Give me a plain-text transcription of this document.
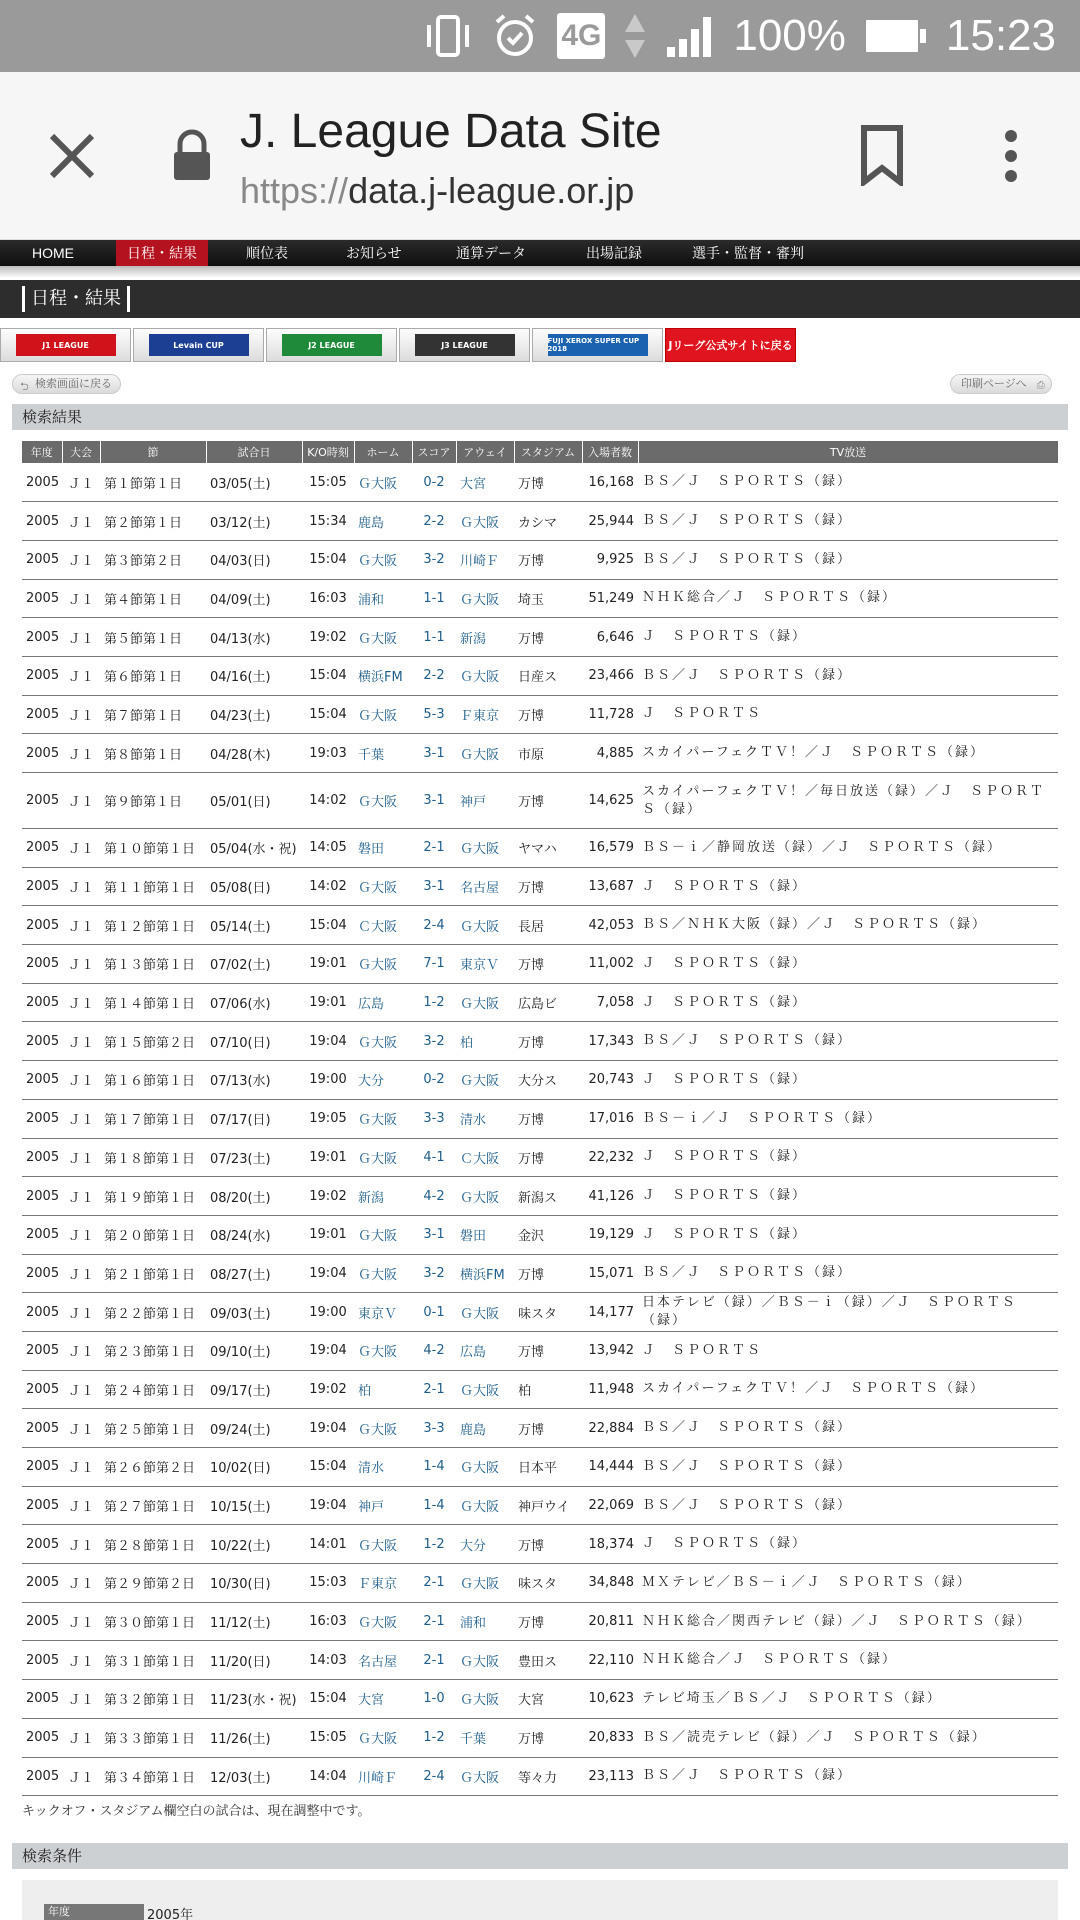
4G	100% 15:23
J. League Data Site
https://data.j-league.or.jp
HOME	日程・結果	順位表	お知らせ	通算データ	出場記録	選手・監督・審判
日程・結果
J1 LEAGUE	Levain CUP	J2 LEAGUE	J3 LEAGUE	FUJI XEROX SUPER CUP 2018	Jリーグ公式サイトに戻る
⮌ 検索画面に戻る	印刷ページへ ⎙
検索結果
年度	大会	節	試合日	K/O時刻	ホーム	スコア	アウェイ	スタジアム	入場者数	TV放送
2005	Ｊ１	第１節第１日	03/05(土)	15:05	Ｇ大阪	0-2	大宮	万博	16,168	ＢＳ／Ｊ　ＳＰＯＲＴＳ（録）
2005	Ｊ１	第２節第１日	03/12(土)	15:34	鹿島	2-2	Ｇ大阪	カシマ	25,944	ＢＳ／Ｊ　ＳＰＯＲＴＳ（録）
2005	Ｊ１	第３節第２日	04/03(日)	15:04	Ｇ大阪	3-2	川崎Ｆ	万博	9,925	ＢＳ／Ｊ　ＳＰＯＲＴＳ（録）
2005	Ｊ１	第４節第１日	04/09(土)	16:03	浦和	1-1	Ｇ大阪	埼玉	51,249	ＮＨＫ総合／Ｊ　ＳＰＯＲＴＳ（録）
2005	Ｊ１	第５節第１日	04/13(水)	19:02	Ｇ大阪	1-1	新潟	万博	6,646	Ｊ　ＳＰＯＲＴＳ（録）
2005	Ｊ１	第６節第１日	04/16(土)	15:04	横浜FM	2-2	Ｇ大阪	日産ス	23,466	ＢＳ／Ｊ　ＳＰＯＲＴＳ（録）
2005	Ｊ１	第７節第１日	04/23(土)	15:04	Ｇ大阪	5-3	Ｆ東京	万博	11,728	Ｊ　ＳＰＯＲＴＳ
2005	Ｊ１	第８節第１日	04/28(木)	19:03	千葉	3-1	Ｇ大阪	市原	4,885	スカイパーフェクＴＶ！／Ｊ　ＳＰＯＲＴＳ（録）
2005	Ｊ１	第９節第１日	05/01(日)	14:02	Ｇ大阪	3-1	神戸	万博	14,625	スカイパーフェクＴＶ！／毎日放送（録）／Ｊ　ＳＰＯＲＴＳ（録）
2005	Ｊ１	第１０節第１日	05/04(水・祝)	14:05	磐田	2-1	Ｇ大阪	ヤマハ	16,579	ＢＳ－ｉ／静岡放送（録）／Ｊ　ＳＰＯＲＴＳ（録）
2005	Ｊ１	第１１節第１日	05/08(日)	14:02	Ｇ大阪	3-1	名古屋	万博	13,687	Ｊ　ＳＰＯＲＴＳ（録）
2005	Ｊ１	第１２節第１日	05/14(土)	15:04	Ｃ大阪	2-4	Ｇ大阪	長居	42,053	ＢＳ／ＮＨＫ大阪（録）／Ｊ　ＳＰＯＲＴＳ（録）
2005	Ｊ１	第１３節第１日	07/02(土)	19:01	Ｇ大阪	7-1	東京Ｖ	万博	11,002	Ｊ　ＳＰＯＲＴＳ（録）
2005	Ｊ１	第１４節第１日	07/06(水)	19:01	広島	1-2	Ｇ大阪	広島ビ	7,058	Ｊ　ＳＰＯＲＴＳ（録）
2005	Ｊ１	第１５節第２日	07/10(日)	19:04	Ｇ大阪	3-2	柏	万博	17,343	ＢＳ／Ｊ　ＳＰＯＲＴＳ（録）
2005	Ｊ１	第１６節第１日	07/13(水)	19:00	大分	0-2	Ｇ大阪	大分ス	20,743	Ｊ　ＳＰＯＲＴＳ（録）
2005	Ｊ１	第１７節第１日	07/17(日)	19:05	Ｇ大阪	3-3	清水	万博	17,016	ＢＳ－ｉ／Ｊ　ＳＰＯＲＴＳ（録）
2005	Ｊ１	第１８節第１日	07/23(土)	19:01	Ｇ大阪	4-1	Ｃ大阪	万博	22,232	Ｊ　ＳＰＯＲＴＳ（録）
2005	Ｊ１	第１９節第１日	08/20(土)	19:02	新潟	4-2	Ｇ大阪	新潟ス	41,126	Ｊ　ＳＰＯＲＴＳ（録）
2005	Ｊ１	第２０節第１日	08/24(水)	19:01	Ｇ大阪	3-1	磐田	金沢	19,129	Ｊ　ＳＰＯＲＴＳ（録）
2005	Ｊ１	第２１節第１日	08/27(土)	19:04	Ｇ大阪	3-2	横浜FM	万博	15,071	ＢＳ／Ｊ　ＳＰＯＲＴＳ（録）
2005	Ｊ１	第２２節第１日	09/03(土)	19:00	東京Ｖ	0-1	Ｇ大阪	味スタ	14,177	日本テレビ（録）／ＢＳ－ｉ（録）／Ｊ　ＳＰＯＲＴＳ（録）
2005	Ｊ１	第２３節第１日	09/10(土)	19:04	Ｇ大阪	4-2	広島	万博	13,942	Ｊ　ＳＰＯＲＴＳ
2005	Ｊ１	第２４節第１日	09/17(土)	19:02	柏	2-1	Ｇ大阪	柏	11,948	スカイパーフェクＴＶ！／Ｊ　ＳＰＯＲＴＳ（録）
2005	Ｊ１	第２５節第１日	09/24(土)	19:04	Ｇ大阪	3-3	鹿島	万博	22,884	ＢＳ／Ｊ　ＳＰＯＲＴＳ（録）
2005	Ｊ１	第２６節第２日	10/02(日)	15:04	清水	1-4	Ｇ大阪	日本平	14,444	ＢＳ／Ｊ　ＳＰＯＲＴＳ（録）
2005	Ｊ１	第２７節第１日	10/15(土)	19:04	神戸	1-4	Ｇ大阪	神戸ウイ	22,069	ＢＳ／Ｊ　ＳＰＯＲＴＳ（録）
2005	Ｊ１	第２８節第１日	10/22(土)	14:01	Ｇ大阪	1-2	大分	万博	18,374	Ｊ　ＳＰＯＲＴＳ（録）
2005	Ｊ１	第２９節第２日	10/30(日)	15:03	Ｆ東京	2-1	Ｇ大阪	味スタ	34,848	ＭＸテレビ／ＢＳ－ｉ／Ｊ　ＳＰＯＲＴＳ（録）
2005	Ｊ１	第３０節第１日	11/12(土)	16:03	Ｇ大阪	2-1	浦和	万博	20,811	ＮＨＫ総合／関西テレビ（録）／Ｊ　ＳＰＯＲＴＳ（録）
2005	Ｊ１	第３１節第１日	11/20(日)	14:03	名古屋	2-1	Ｇ大阪	豊田ス	22,110	ＮＨＫ総合／Ｊ　ＳＰＯＲＴＳ（録）
2005	Ｊ１	第３２節第１日	11/23(水・祝)	15:04	大宮	1-0	Ｇ大阪	大宮	10,623	テレビ埼玉／ＢＳ／Ｊ　ＳＰＯＲＴＳ（録）
2005	Ｊ１	第３３節第１日	11/26(土)	15:05	Ｇ大阪	1-2	千葉	万博	20,833	ＢＳ／読売テレビ（録）／Ｊ　ＳＰＯＲＴＳ（録）
2005	Ｊ１	第３４節第１日	12/03(土)	14:04	川崎Ｆ	2-4	Ｇ大阪	等々力	23,113	ＢＳ／Ｊ　ＳＰＯＲＴＳ（録）
キックオフ・スタジアム欄空白の試合は、現在調整中です。
検索条件
年度	2005年
